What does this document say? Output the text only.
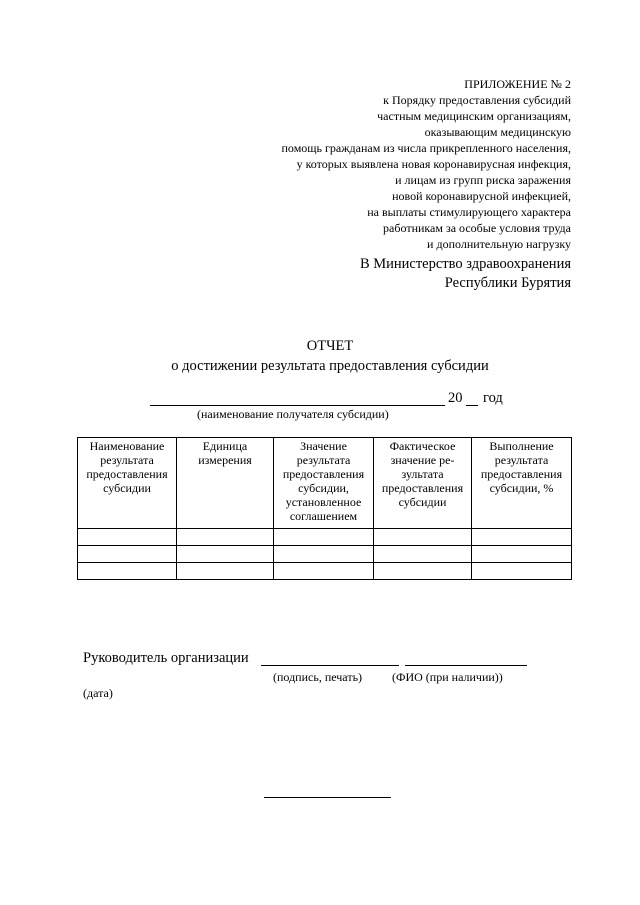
ПРИЛОЖЕНИЕ № 2
к Порядку предоставления субсидий
частным медицинским организациям,
оказывающим медицинскую
помощь гражданам из числа прикрепленного населения,
у которых выявлена новая коронавирусная инфекция,
и лицам из групп риска заражения
новой коронавирусной инфекцией,
на выплаты стимулирующего характера
работникам за особые условия труда
и дополнительную нагрузку
В Министерство здравоохранения
Республики Бурятия
ОТЧЕТ
о достижении результата предоставления субсидии
20 год
(наименование получателя субсидии)
Наименование результата предоставления субсидии	Единица измерения	Значение результата предоставления субсидии, установленное соглашением	Фактическое значение ре-зультата предоставления субсидии	Выполнение результата предоставления субсидии, %

Руководитель организации
(подпись, печать) (ФИО (при наличии))
(дата)
